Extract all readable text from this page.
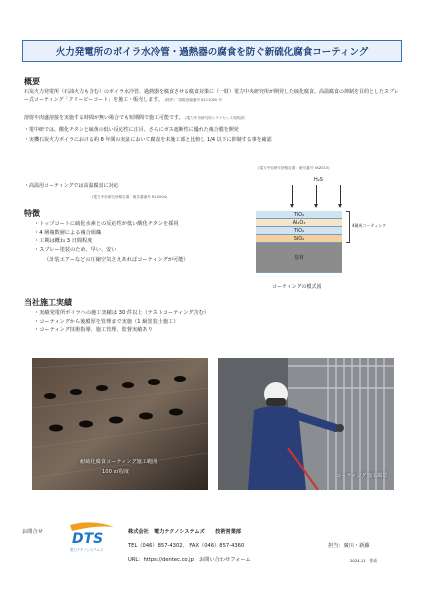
火力発電所のボイラ水冷管・過熱器の腐食を防ぐ新硫化腐食コーティング
概要
石炭火力発電所（石油火力も含む）のボイラ水冷管、過熱器を腐食させる腐食対策に（一財）電力中央研究所が開発した硫化腐食、高温腐食の抑制を目的としたスプレー式コーティング「クリーピーコート」を施工・販売します。 (特許）　国際登録番号 6111000 号
溶射や肉盛溶接を実施する時間が無い場合でも短期間で施工可能です。 (電力中央研究所とライセンス契約済）
・電中研では、酸化チタンと硫黄の低い反応性に注目、さらにガス遮断性に優れた複合膜を開発
・実機石炭火力ボイラにおける約 8 年間の実証において腐食を未施工部と比較し 1/4 以下に抑制する事を確認
(電力中央研究所報告書：研究番号 YAZ015)
・高温用コーティングでは高温腐食に対応
(電力中央研究所報告書：報告書番号 R10004)
特徴
・ トップコートに硫化水素との反応性が低い酸化チタンを採用
・ 4 層複数層による複合組織
・ 工期は概ね 3 日間程度
・ スプレー塗装のため、早い、安い
（計装エアーなどの圧縮空気さえあればコーティングが可能）
H₂S
TiO₂
Al₂O₃
TiO₂
SiO₂
基材
4層成コーティング
コーティングの模式図
当社施工実績
・ 実績発電所ボイラへの施工実績は 30 件以上（テストコーティング含む）
・ コーティングから後膜厚を管理まで実施（1 級塗装士施工）
・ コーティング技術指導、施工管理、監督実績あり
耐硫化腐食コーティング施工範囲
100 ㎡程度
コーティング施工風景
お問合せ DTS
電力テクノシステムズ
株式会社　電力テクノシステムズ　　技術営業部
TEL（046）857-4302、 FAX（046）857-4360	担当：廣川・新藤
URL：https://dentec.co.jp　お問い合わせフォーム	2024.11　作成
